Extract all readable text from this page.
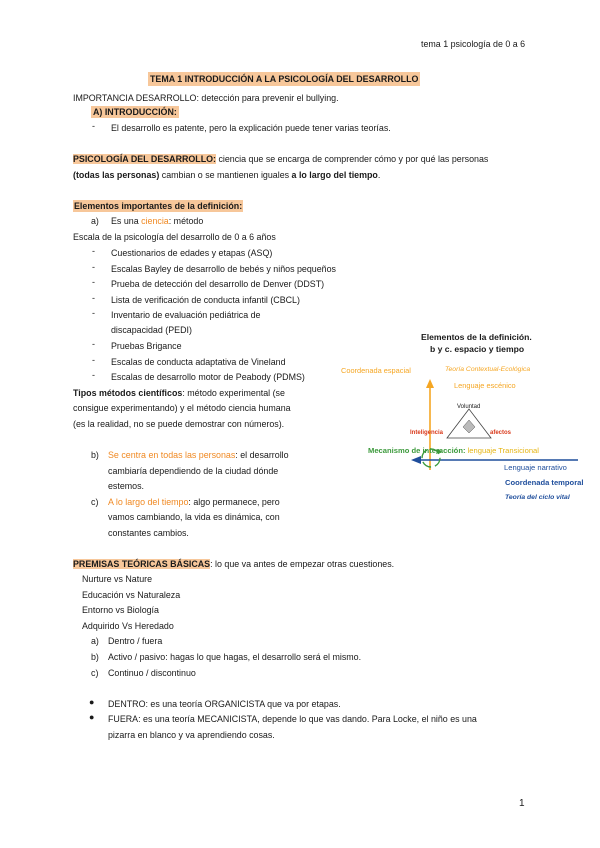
tema 1 psicología de 0 a 6
TEMA 1 INTRODUCCIÓN A LA PSICOLOGÍA DEL DESARROLLO
IMPORTANCIA DESARROLLO: detección para prevenir el bullying.
A) INTRODUCCIÓN:
- El desarrollo es patente, pero la explicación puede tener varias teorías.
PSICOLOGÍA DEL DESARROLLO: ciencia que se encarga de comprender cómo y por qué las personas
(todas las personas) cambian o se mantienen iguales a lo largo del tiempo.
Elementos importantes de la definición:
a) Es una ciencia: método
Escala de la psicología del desarrollo de 0 a 6 años
- Cuestionarios de edades y etapas (ASQ)
- Escalas Bayley de desarrollo de bebés y niños pequeños
- Prueba de detección del desarrollo de Denver (DDST)
- Lista de verificación de conducta infantil (CBCL)
- Inventario de evaluación pediátrica de
discapacidad (PEDI)
- Pruebas Brigance
- Escalas de conducta adaptativa de Vineland
- Escalas de desarrollo motor de Peabody (PDMS)
Tipos métodos científicos: método experimental (se
consigue experimentando) y el método ciencia humana
(es la realidad, no se puede demostrar con números).
b) Se centra en todas las personas: el desarrollo
cambiaría dependiendo de la ciudad dónde
estemos.
c) A lo largo del tiempo: algo permanece, pero
vamos cambiando, la vida es dinámica, con
constantes cambios.
Elementos de la definición.
b y c. espacio y tiempo
Coordenada espacial	Teoría Contextual-Ecológica
Lenguaje escénico
Voluntad
Inteligencia	afectos
Mecanismo de interacción: lenguaje Transicional
Lenguaje narrativo
Coordenada temporal
Teoría del ciclo vital
PREMISAS TEÓRICAS BÁSICAS: lo que va antes de empezar otras cuestiones.
Nurture vs Nature
Educación vs Naturaleza
Entorno vs Biología
Adquirido Vs Heredado
a) Dentro / fuera
b) Activo / pasivo: hagas lo que hagas, el desarrollo será el mismo.
c) Continuo / discontinuo
● DENTRO: es una teoría ORGANICISTA que va por etapas.
● FUERA: es una teoría MECANICISTA, depende lo que vas dando. Para Locke, el niño es una
pizarra en blanco y va aprendiendo cosas.
1
